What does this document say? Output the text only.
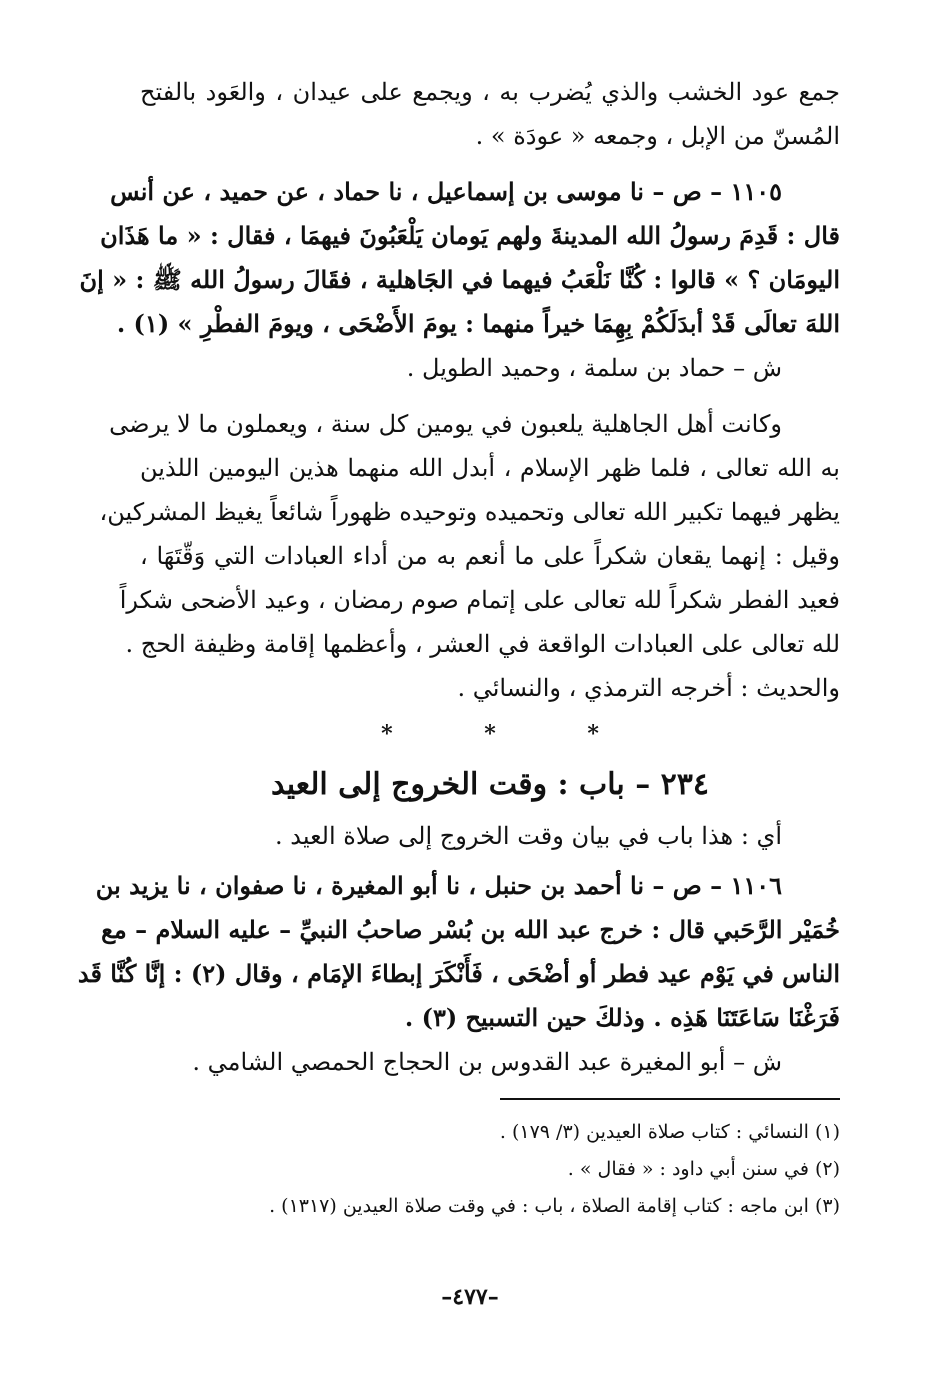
جمع عود الخشب والذي يُضرب به ، ويجمع على عيدان ، والعَود بالفتح
المُسنّ من الإبل ، وجمعه « عودَة » .

١١٠٥ – ص – نا موسى بن إسماعيل ، نا حماد ، عن حميد ، عن أنس
قال : قَدِمَ رسولُ الله المدينةَ ولهم يَومان يَلْعَبُونَ فيهمَا ، فقال : « ما هَذَان
اليومَان ؟ » قالوا : كُنَّا نَلْعَبُ فيهما في الجَاهلية ، فقَالَ رسولُ الله ﷺ : « إنَ
اللهَ تعالَى قَدْ أبدَلَكُمْ بِهِمَا خيراً منهما : يومَ الأَضْحَى ، ويومَ الفطْرِ » (١) .

ش – حماد بن سلمة ، وحميد الطويل .

وكانت أهل الجاهلية يلعبون في يومين كل سنة ، ويعملون ما لا يرضى
به الله تعالى ، فلما ظهر الإسلام ، أبدل الله منهما هذين اليومين اللذين
يظهر فيهما تكبير الله تعالى وتحميده وتوحيده ظهوراً شائعاً يغيظ المشركين،
وقيل : إنهما يقعان شكراً على ما أنعم به من أداء العبادات التي وَقّتَهَا ،
فعيد الفطر شكراً لله تعالى على إتمام صوم رمضان ، وعيد الأضحى شكراً
لله تعالى على العبادات الواقعة في العشر ، وأعظمها إقامة وظيفة الحج .
والحديث : أخرجه الترمذي ، والنسائي .

* * *
٢٣٤ – باب : وقت الخروج إلى العيد

أي : هذا باب في بيان وقت الخروج إلى صلاة العيد .

١١٠٦ – ص – نا أحمد بن حنبل ، نا أبو المغيرة ، نا صفوان ، نا يزيد بن
خُمَيْر الرَّحَبي قال : خرج عبد الله بن بُسْر صاحبُ النبيِّ – عليه السلام – مع
الناس في يَوْم عيد فطر أو أضْحَى ، فَأَنْكَرَ إبطاءَ الإمَام ، وقال (٢) : إنَّا كُنَّا قَد
فَرَغْنَا سَاعَتَنَا هَذِه . وذلكَ حين التسبيح (٣) .

ش – أبو المغيرة عبد القدوس بن الحجاج الحمصي الشامي .

(١) النسائي : كتاب صلاة العيدين (٣/ ١٧٩) .
(٢) في سنن أبي داود : « فقال » .
(٣) ابن ماجه : كتاب إقامة الصلاة ، باب : في وقت صلاة العيدين (١٣١٧) .
–٤٧٧–
